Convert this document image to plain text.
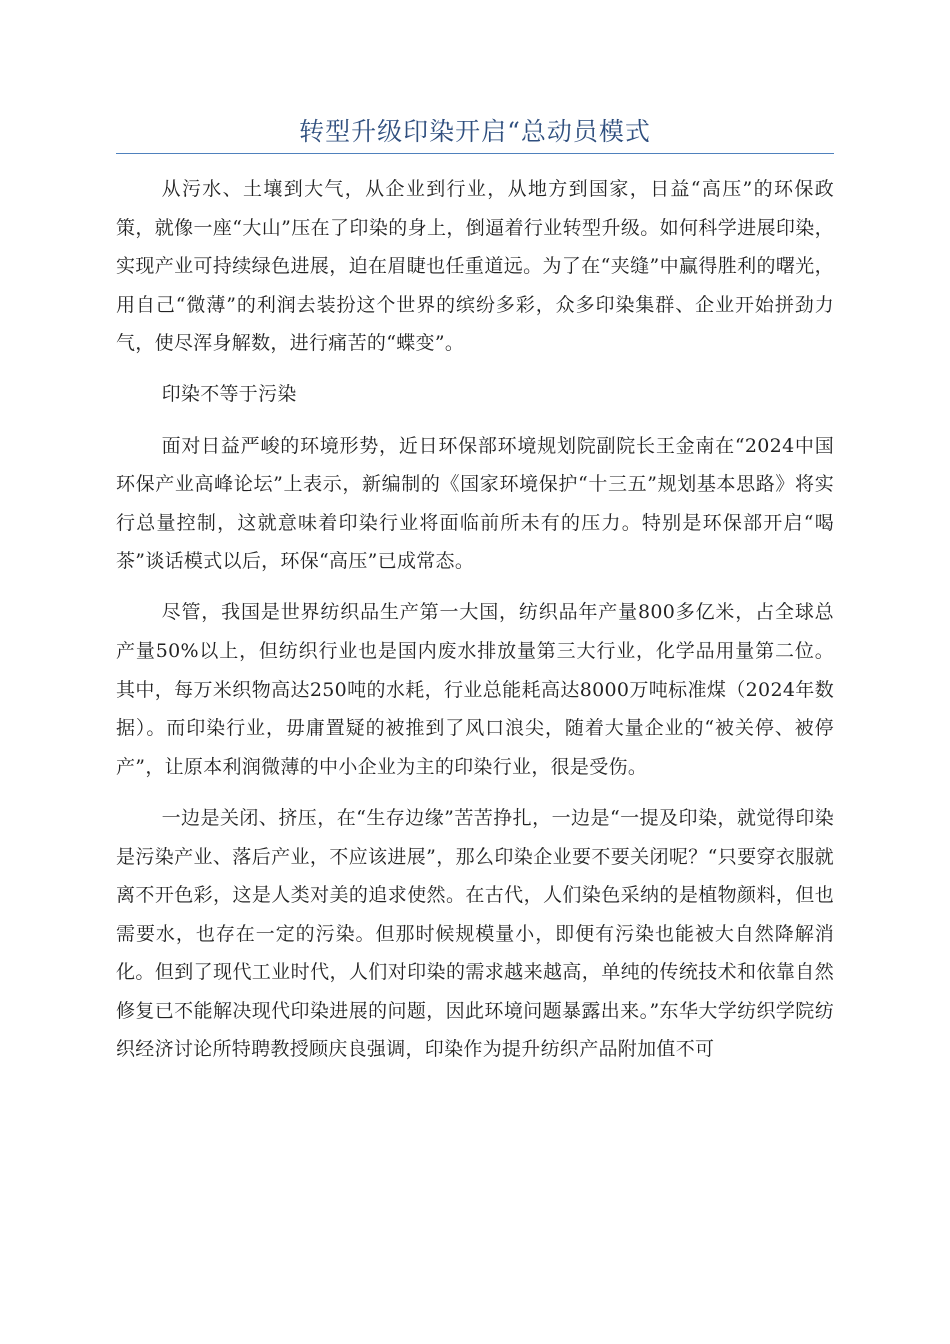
转型升级印染开启“总动员模式

从污水、土壤到大气，从企业到行业，从地方到国家，日益“高压”的环保政策，就像一座“大山”压在了印染的身上，倒逼着行业转型升级。如何科学进展印染，实现产业可持续绿色进展，迫在眉睫也任重道远。为了在“夹缝”中赢得胜利的曙光，用自己“微薄”的利润去装扮这个世界的缤纷多彩，众多印染集群、企业开始拼劲力气，使尽浑身解数，进行痛苦的“蝶变”。

印染不等于污染

面对日益严峻的环境形势，近日环保部环境规划院副院长王金南在“2024中国环保产业高峰论坛”上表示，新编制的《国家环境保护“十三五”规划基本思路》将实行总量控制，这就意味着印染行业将面临前所未有的压力。特别是环保部开启“喝茶”谈话模式以后，环保“高压”已成常态。

尽管，我国是世界纺织品生产第一大国，纺织品年产量800多亿米，占全球总产量50%以上，但纺织行业也是国内废水排放量第三大行业，化学品用量第二位。其中，每万米织物高达250吨的水耗，行业总能耗高达8000万吨标准煤（2024年数据）。而印染行业，毋庸置疑的被推到了风口浪尖，随着大量企业的“被关停、被停产”，让原本利润微薄的中小企业为主的印染行业，很是受伤。

一边是关闭、挤压，在“生存边缘”苦苦挣扎，一边是“一提及印染，就觉得印染是污染产业、落后产业，不应该进展”，那么印染企业要不要关闭呢？“只要穿衣服就离不开色彩，这是人类对美的追求使然。在古代，人们染色采纳的是植物颜料，但也需要水，也存在一定的污染。但那时候规模量小，即便有污染也能被大自然降解消化。但到了现代工业时代，人们对印染的需求越来越高，单纯的传统技术和依靠自然修复已不能解决现代印染进展的问题，因此环境问题暴露出来。”东华大学纺织学院纺织经济讨论所特聘教授顾庆良强调，印染作为提升纺织产品附加值不可
